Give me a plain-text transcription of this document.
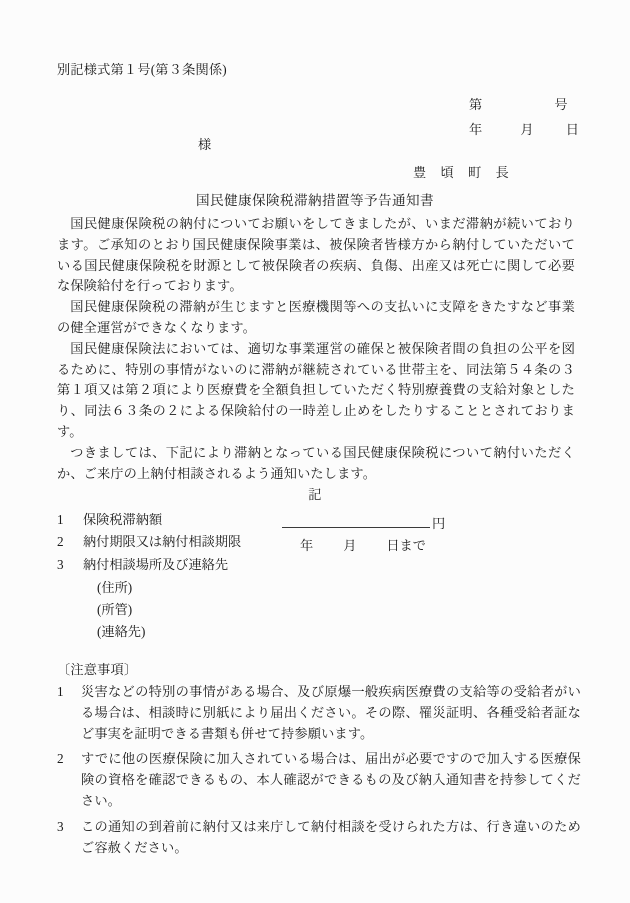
別記様式第１号(第３条関係)

第	号

年	月 日

様
豊 頃 町 長
国民健康保険税滞納措置等予告通知書

国民健康保険税の納付についてお願いをしてきましたが、いまだ滞納が続いております。ご承知のとおり国民健康保険事業は、被保険者皆様方から納付していただいている国民健康保険税を財源として被保険者の疾病、負傷、出産又は死亡に関して必要な保険給付を行っております。

国民健康保険税の滞納が生じますと医療機関等への支払いに支障をきたすなど事業の健全運営ができなくなります。

国民健康保険法においては、適切な事業運営の確保と被保険者間の負担の公平を図るために、特別の事情がないのに滞納が継続されている世帯主を、同法第５４条の３第１項又は第２項により医療費を全額負担していただく特別療養費の支給対象としたり、同法６３条の２による保険給付の一時差し止めをしたりすることとされております。

つきましては、下記により滞納となっている国民健康保険税について納付いただくか、ご来庁の上納付相談されるよう通知いたします。

記
1 保険税滞納額	円
2 納付期限又は納付相談期限	年 月 日まで
3 納付相談場所及び連絡先
(住所)
(所管)
(連絡先)
〔注意事項〕

1	災害などの特別の事情がある場合、及び原爆一般疾病医療費の支給等の受給者がいる場合は、相談時に別紙により届出ください。その際、罹災証明、各種受給者証など事実を証明できる書類も併せて持参願います。

2	すでに他の医療保険に加入されている場合は、届出が必要ですので加入する医療保険の資格を確認できるもの、本人確認ができるもの及び納入通知書を持参してください。

3	この通知の到着前に納付又は来庁して納付相談を受けられた方は、行き違いのためご容赦ください。
